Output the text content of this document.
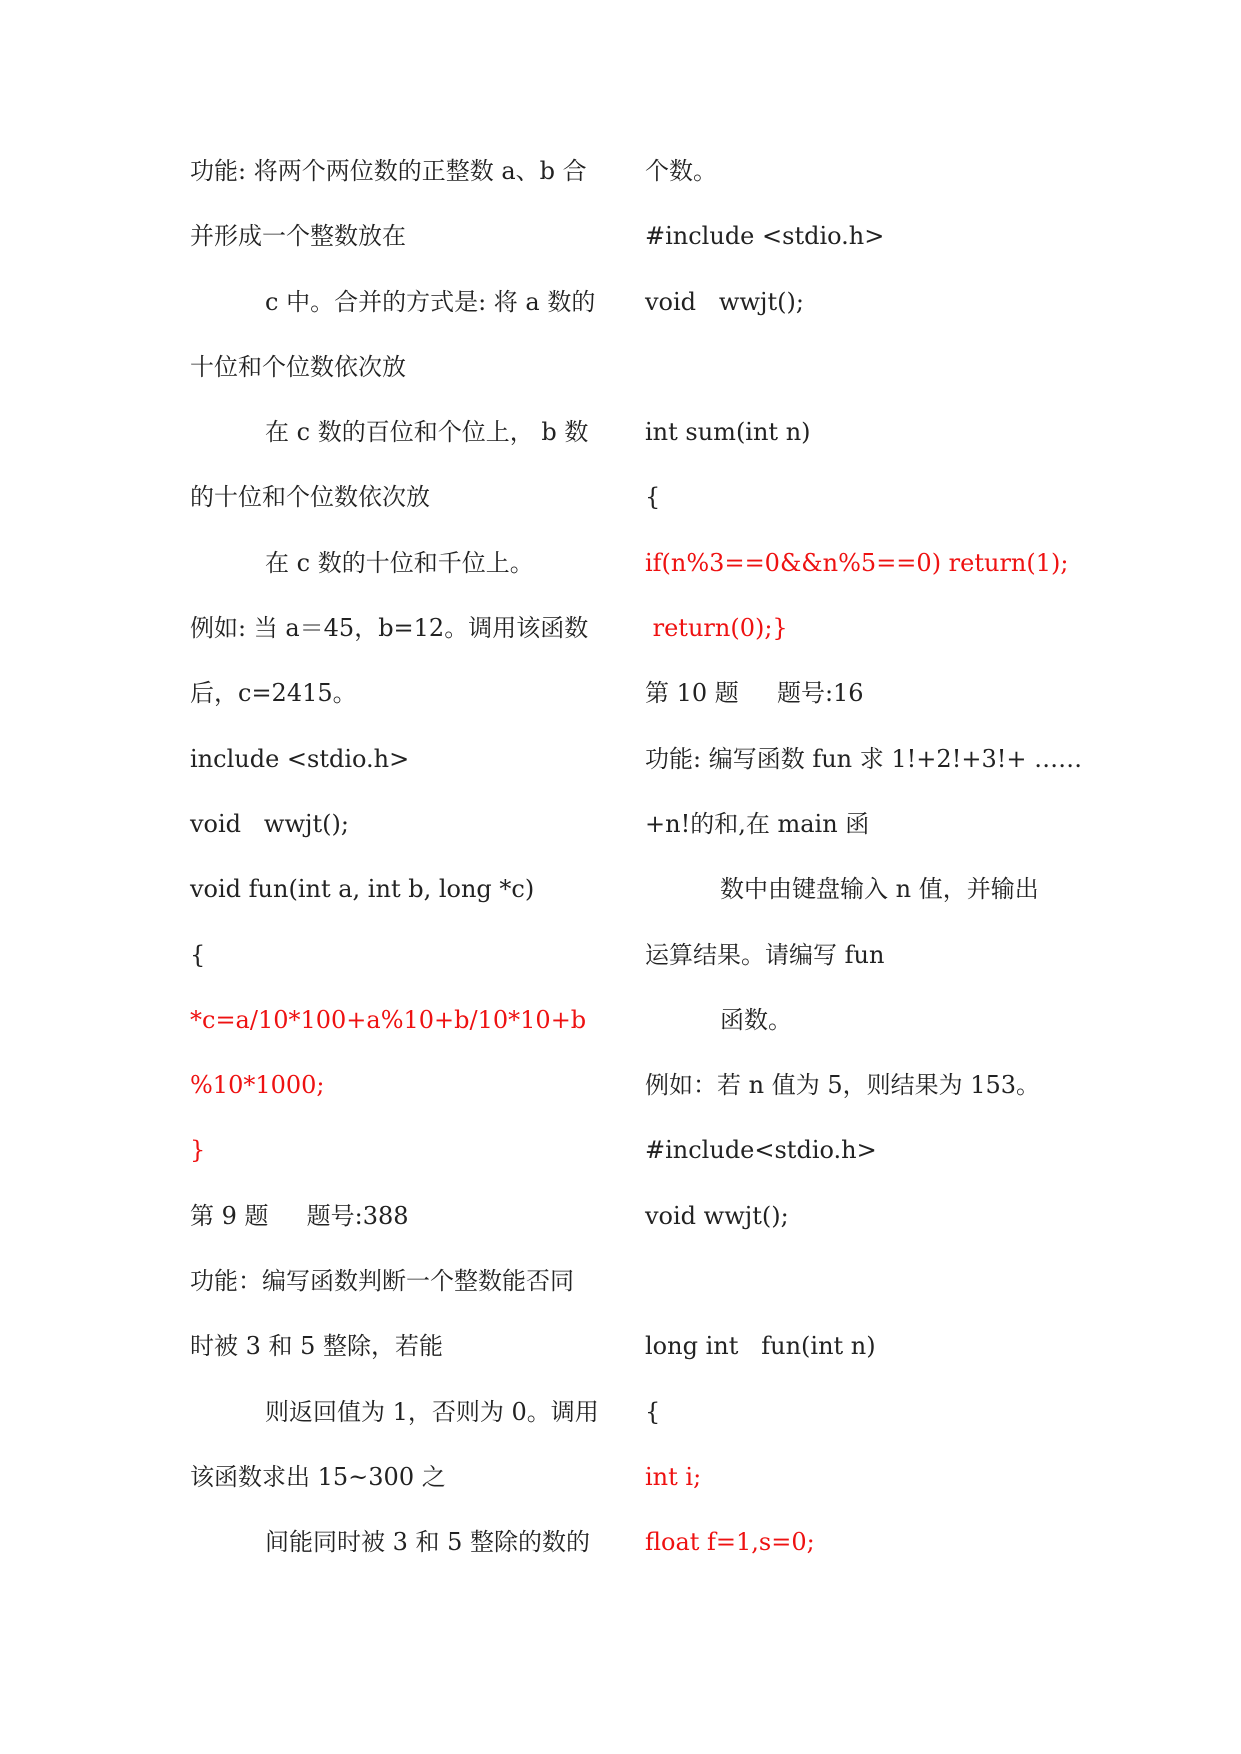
功能: 将两个两位数的正整数 a、b 合
并形成一个整数放在
c 中。合并的方式是: 将 a 数的
十位和个位数依次放
在 c 数的百位和个位上， b 数
的十位和个位数依次放
在 c 数的十位和千位上。
例如: 当 a＝45，b=12。调用该函数
后，c=2415。
include <stdio.h>
void   wwjt();
void fun(int a, int b, long *c)
{
*c=a/10*100+a%10+b/10*10+b
%10*1000;
}
第 9 题     题号:388
功能：编写函数判断一个整数能否同
时被 3 和 5 整除，若能
则返回值为 1，否则为 0。调用
该函数求出 15~300 之
间能同时被 3 和 5 整除的数的
个数。
#include <stdio.h>
void   wwjt();
int sum(int n)
{
if(n%3==0&&n%5==0) return(1);
return(0);}
第 10 题     题号:16
功能: 编写函数 fun 求 1!+2!+3!+ ……
+n!的和,在 main 函
数中由键盘输入 n 值，并输出
运算结果。请编写 fun
函数。
例如：若 n 值为 5，则结果为 153。
#include<stdio.h>
void wwjt();
long int   fun(int n)
{
int i;
float f=1,s=0;
